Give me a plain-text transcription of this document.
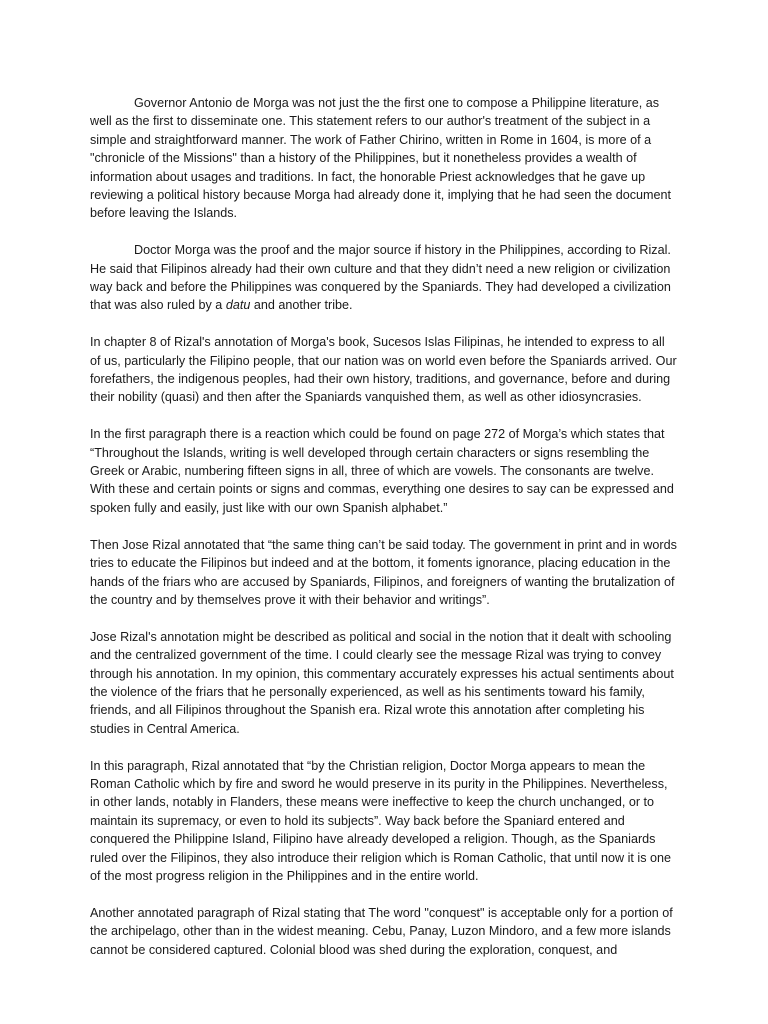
Governor Antonio de Morga was not just the the first one to compose a Philippine literature, as well as the first to disseminate one. This statement refers to our author's treatment of the subject in a simple and straightforward manner. The work of Father Chirino, written in Rome in 1604, is more of a "chronicle of the Missions" than a history of the Philippines, but it nonetheless provides a wealth of information about usages and traditions. In fact, the honorable Priest acknowledges that he gave up reviewing a political history because Morga had already done it, implying that he had seen the document before leaving the Islands.

Doctor Morga was the proof and the major source if history in the Philippines, according to Rizal. He said that Filipinos already had their own culture and that they didn’t need a new religion or civilization way back and before the Philippines was conquered by the Spaniards. They had developed a civilization that was also ruled by a datu and another tribe.

In chapter 8 of Rizal's annotation of Morga's book, Sucesos Islas Filipinas, he intended to express to all of us, particularly the Filipino people, that our nation was on world even before the Spaniards arrived. Our forefathers, the indigenous peoples, had their own history, traditions, and governance, before and during their nobility (quasi) and then after the Spaniards vanquished them, as well as other idiosyncrasies.

In the first paragraph there is a reaction which could be found on page 272 of Morga’s which states that “Throughout the Islands, writing is well developed through certain characters or signs resembling the Greek or Arabic, numbering fifteen signs in all, three of which are vowels. The consonants are twelve. With these and certain points or signs and commas, everything one desires to say can be expressed and spoken fully and easily, just like with our own Spanish alphabet.”

Then Jose Rizal annotated that “the same thing can’t be said today. The government in print and in words tries to educate the Filipinos but indeed and at the bottom, it foments ignorance, placing education in the hands of the friars who are accused by Spaniards, Filipinos, and foreigners of wanting the brutalization of the country and by themselves prove it with their behavior and writings”.

Jose Rizal's annotation might be described as political and social in the notion that it dealt with schooling and the centralized government of the time. I could clearly see the message Rizal was trying to convey through his annotation. In my opinion, this commentary accurately expresses his actual sentiments about the violence of the friars that he personally experienced, as well as his sentiments toward his family, friends, and all Filipinos throughout the Spanish era. Rizal wrote this annotation after completing his studies in Central America.

In this paragraph, Rizal annotated that “by the Christian religion, Doctor Morga appears to mean the Roman Catholic which by fire and sword he would preserve in its purity in the Philippines. Nevertheless, in other lands, notably in Flanders, these means were ineffective to keep the church unchanged, or to maintain its supremacy, or even to hold its subjects”. Way back before the Spaniard entered and conquered the Philippine Island, Filipino have already developed a religion. Though, as the Spaniards ruled over the Filipinos, they also introduce their religion which is Roman Catholic, that until now it is one of the most progress religion in the Philippines and in the entire world.

Another annotated paragraph of Rizal stating that The word "conquest" is acceptable only for a portion of the archipelago, other than in the widest meaning. Cebu, Panay, Luzon Mindoro, and a few more islands cannot be considered captured. Colonial blood was shed during the exploration, conquest, and
